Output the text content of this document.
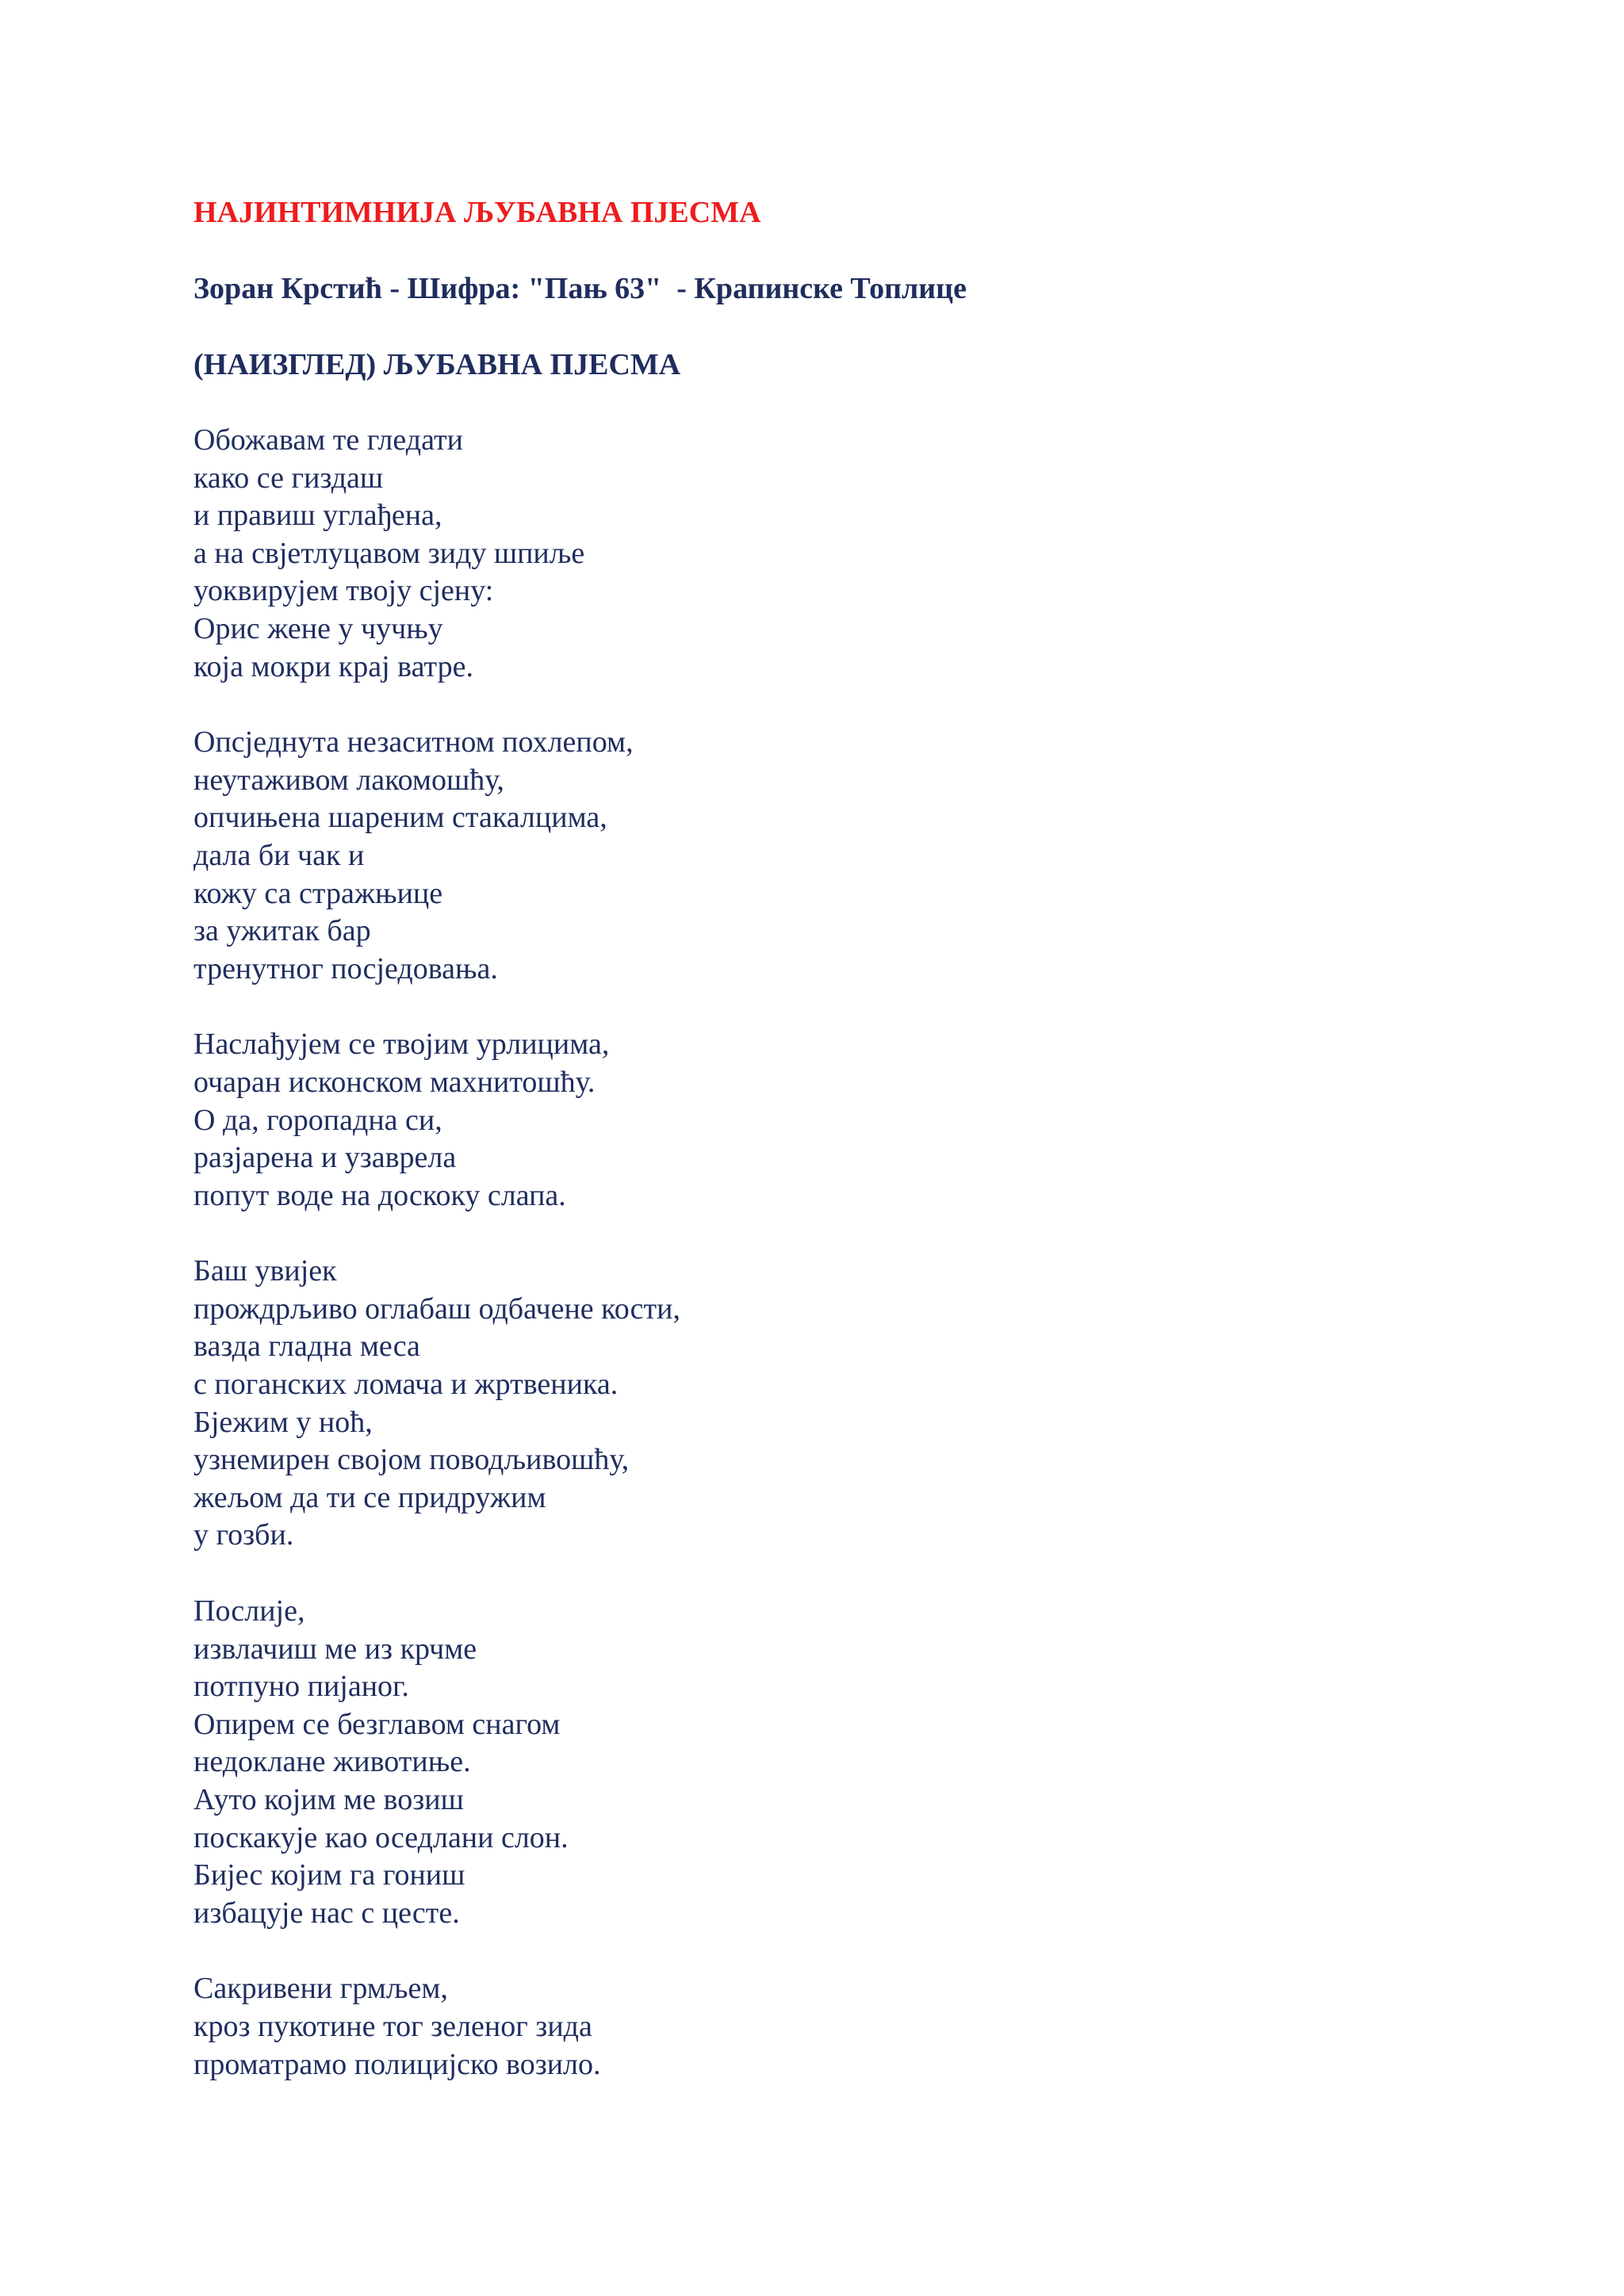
НАЈИНТИМНИЈА ЉУБАВНА ПЈЕСМА
Зоран Крстић - Шифра: "Пањ 63"  - Крапинске Топлице
(НАИЗГЛЕД) ЉУБАВНА ПЈЕСМА
Обожавам те гледати
како се гиздаш
и правиш углађена,
а на свјетлуцавом зиду шпиље
уоквирујем твоју сјену:
Орис жене у чучњу
која мокри крај ватре.
Опсједнута незаситном похлепом,
неутаживом лакомошћу,
опчињена шареним стакалцима,
дала би чак и
кожу са стражњице
за ужитак бар
тренутног посједовања.
Наслађујем се твојим урлицима,
очаран исконском махнитошћу.
О да, горопадна си,
разјарена и узаврела
попут воде на доскоку слапа.
Баш увијек
прождрљиво оглабаш одбачене кости,
вазда гладна меса
с поганских ломача и жртвеника.
Бјежим у ноћ,
узнемирен својом поводљивошћу,
жељом да ти се придружим
у гозби.
Послије,
извлачиш ме из крчме
потпуно пијаног.
Опирем се безглавом снагом
недоклане животиње.
Ауто којим ме возиш
поскакује као оседлани слон.
Бијес којим га гониш
избацује нас с цесте.
Сакривени грмљем,
кроз пукотине тог зеленог зида
проматрамо полицијско возило.
